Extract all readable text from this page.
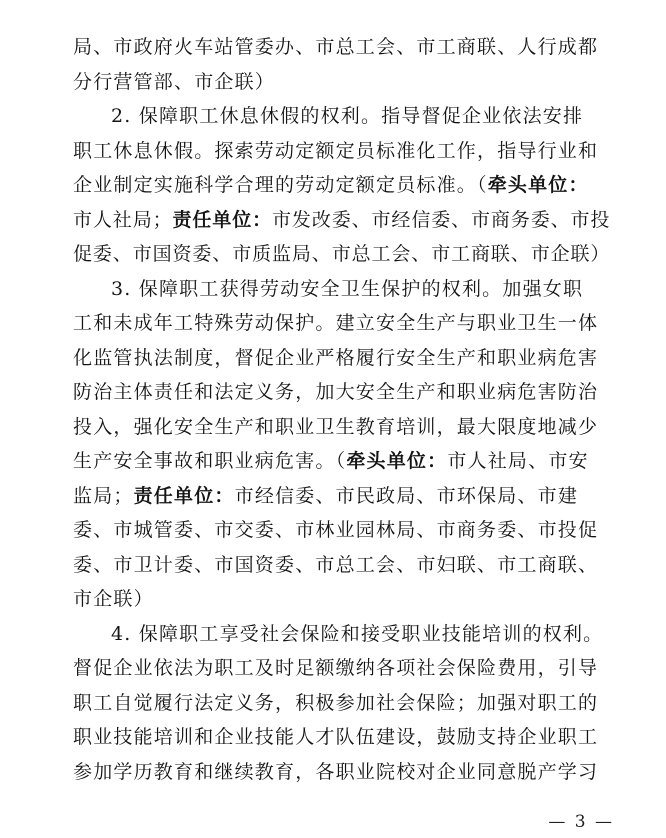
局、市政府火车站管委办、市总工会、市工商联、人行成都
分行营管部、市企联）
2. 保障职工休息休假的权利。指导督促企业依法安排
职工休息休假。探索劳动定额定员标准化工作，指导行业和
企业制定实施科学合理的劳动定额定员标准。（牵头单位：
市人社局；责任单位：市发改委、市经信委、市商务委、市投
促委、市国资委、市质监局、市总工会、市工商联、市企联）
3. 保障职工获得劳动安全卫生保护的权利。加强女职
工和未成年工特殊劳动保护。建立安全生产与职业卫生一体
化监管执法制度，督促企业严格履行安全生产和职业病危害
防治主体责任和法定义务，加大安全生产和职业病危害防治
投入，强化安全生产和职业卫生教育培训，最大限度地减少
生产安全事故和职业病危害。（牵头单位：市人社局、市安
监局；责任单位：市经信委、市民政局、市环保局、市建
委、市城管委、市交委、市林业园林局、市商务委、市投促
委、市卫计委、市国资委、市总工会、市妇联、市工商联、
市企联）
4. 保障职工享受社会保险和接受职业技能培训的权利。
督促企业依法为职工及时足额缴纳各项社会保险费用，引导
职工自觉履行法定义务，积极参加社会保险；加强对职工的
职业技能培训和企业技能人才队伍建设，鼓励支持企业职工
参加学历教育和继续教育，各职业院校对企业同意脱产学习
— 3 —
